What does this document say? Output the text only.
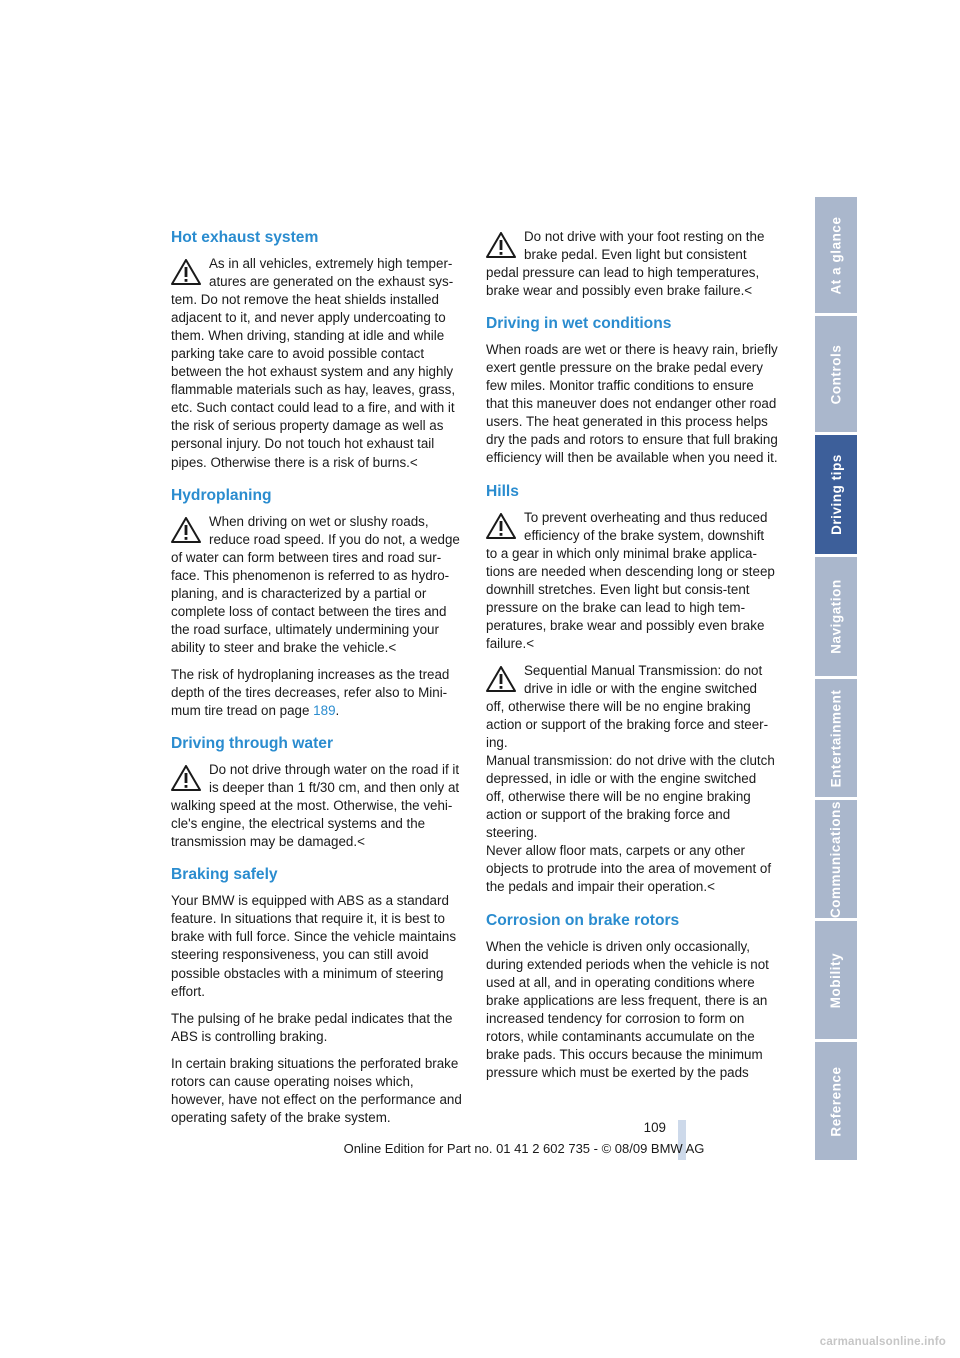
Hot exhaust system
As in all vehicles, extremely high temper-atures are generated on the exhaust sys-tem. Do not remove the heat shields installed adjacent to it, and never apply undercoating to them. When driving, standing at idle and while parking take care to avoid possible contact between the hot exhaust system and any highly flammable materials such as hay, leaves, grass, etc. Such contact could lead to a fire, and with it the risk of serious property damage as well as personal injury. Do not touch hot exhaust tail pipes. Otherwise there is a risk of burns.<
Hydroplaning
When driving on wet or slushy roads, reduce road speed. If you do not, a wedge of water can form between tires and road sur-face. This phenomenon is referred to as hydro-planing, and is characterized by a partial or complete loss of contact between the tires and the road surface, ultimately undermining your ability to steer and brake the vehicle.<

The risk of hydroplaning increases as the tread depth of the tires decreases, refer also to Mini-mum tire tread on page 189.

Driving through water
Do not drive through water on the road if it is deeper than 1 ft/30 cm, and then only at walking speed at the most. Otherwise, the vehi-cle's engine, the electrical systems and the transmission may be damaged.<
Braking safely

Your BMW is equipped with ABS as a standard feature. In situations that require it, it is best to brake with full force. Since the vehicle maintains steering responsiveness, you can still avoid possible obstacles with a minimum of steering effort.

The pulsing of he brake pedal indicates that the ABS is controlling braking.

In certain braking situations the perforated brake rotors can cause operating noises which, however, have not effect on the performance and operating safety of the brake system.

Do not drive with your foot resting on the brake pedal. Even light but consistent pedal pressure can lead to high temperatures, brake wear and possibly even brake failure.<
Driving in wet conditions

When roads are wet or there is heavy rain, briefly exert gentle pressure on the brake pedal every few miles. Monitor traffic conditions to ensure that this maneuver does not endanger other road users. The heat generated in this process helps dry the pads and rotors to ensure that full braking efficiency will then be available when you need it.

Hills
To prevent overheating and thus reduced efficiency of the brake system, downshift to a gear in which only minimal brake applica-tions are needed when descending long or steep downhill stretches. Even light but consis-tent pressure on the brake can lead to high tem-peratures, brake wear and possibly even brake failure.<
Sequential Manual Transmission: do not drive in idle or with the engine switched off, otherwise there will be no engine braking action or support of the braking force and steer-ing.
Manual transmission: do not drive with the clutch depressed, in idle or with the engine switched off, otherwise there will be no engine braking action or support of the braking force and steering.
Never allow floor mats, carpets or any other objects to protrude into the area of movement of the pedals and impair their operation.<
Corrosion on brake rotors

When the vehicle is driven only occasionally, during extended periods when the vehicle is not used at all, and in operating conditions where brake applications are less frequent, there is an increased tendency for corrosion to form on rotors, while contaminants accumulate on the brake pads. This occurs because the minimum pressure which must be exerted by the pads

At a glance
Controls
Driving tips
Navigation
Entertainment
Communications
Mobility
Reference
109
Online Edition for Part no. 01 41 2 602 735 - © 08/09 BMW AG
carmanualsonline.info
